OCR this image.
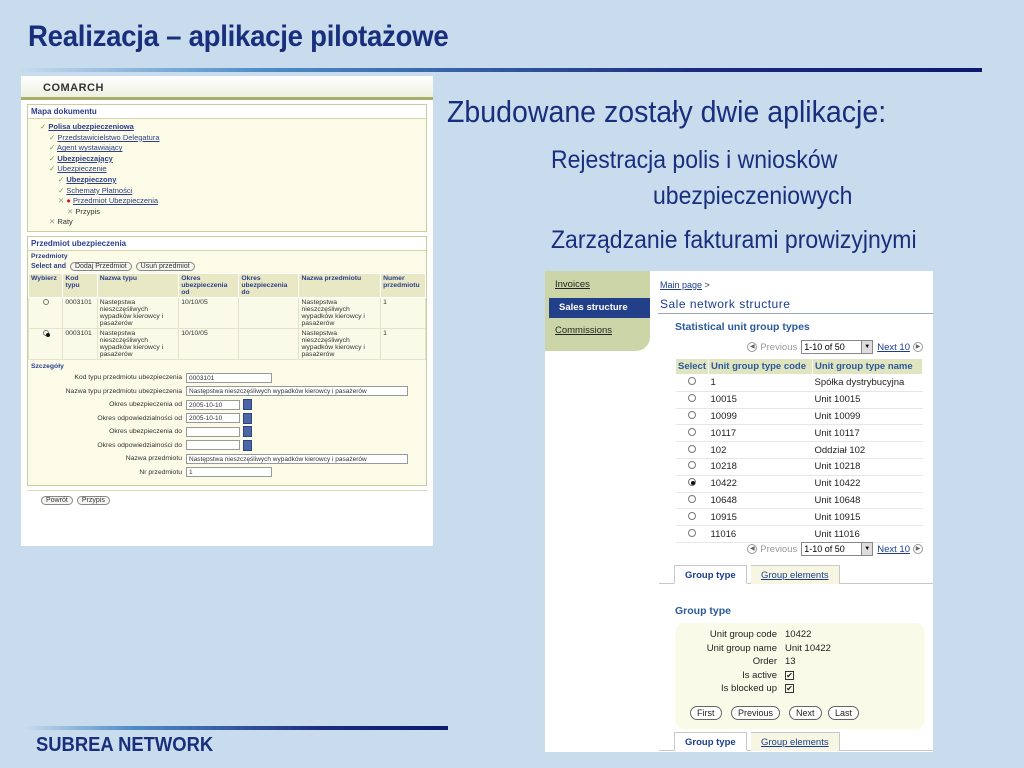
Realizacja – aplikacje pilotażowe
Zbudowane zostały dwie aplikacje:
Rejestracja polis i wniosków
ubezpieczeniowych
Zarządzanie fakturami prowizyjnymi
COMARCH
Mapa dokumentu
✓ Polisa ubezpieczeniowa
✓ Przedstawicielstwo Delegatura
✓ Agent wystawiający
✓ Ubezpieczający
✓ Ubezpieczenie
✓ Ubezpieczony
✓ Schematy Płatności
✕ ● Przedmiot Ubezpieczenia
✕ Przypis
✕ Raty
Przedmiot ubezpieczenia
Przedmioty
Select and Dodaj Przedmiot Usuń przedmiot
Wybierz	Kod typu	Nazwa typu	Okres ubezpieczenia od	Okres ubezpieczenia do	Nazwa przedmiotu	Numer przedmiotu
	0003101	Nastepstwa nieszczęśliwych wypadków kierowcy i pasażerów	10/10/05		Nastepstwa nieszczęśliwych wypadków kierowcy i pasażerów	1
	0003101	Nastepstwa nieszczęśliwych wypadków kierowcy i pasażerów	10/10/05		Nastepstwa nieszczęśliwych wypadków kierowcy i pasażerów	1
Szczegóły
Kod typu przedmiotu ubezpieczenia	0003101
Nazwa typu przedmiotu ubezpieczenia	Następstwa nieszczęśliwych wypadków kierowcy i pasażerów
Okres ubezpieczenia od	2005-10-10
Okres odpowiedzialności od	2005-10-10
Okres ubezpieczenia do
Okres odpowiedzialności do
Nazwa przedmiotu	Następstwa nieszczęśliwych wypadków kierowcy i pasażerów
Nr przedmiotu	1
Powrót Przypis
Invoices
Sales structure
Commissions
Main page >
Sale network structure
Statistical unit group types
◀ Previous 1-10 of 50	▼ Next 10 ▶
Select	Unit group type code	Unit group type name
	1	Spółka dystrybucyjna
	10015	Unit 10015
	10099	Unit 10099
	10117	Unit 10117
	102	Oddział 102
	10218	Unit 10218
	10422	Unit 10422
	10648	Unit 10648
	10915	Unit 10915
	11016	Unit 11016
◀ Previous 1-10 of 50	▼ Next 10 ▶
Group type	Group elements
Group type
Unit group code 10422
Unit group name Unit 10422
Order 13
Is active	✔
Is blocked up	✔
First	Previous	Next	Last
Group type	Group elements
SUBREA NETWORK
